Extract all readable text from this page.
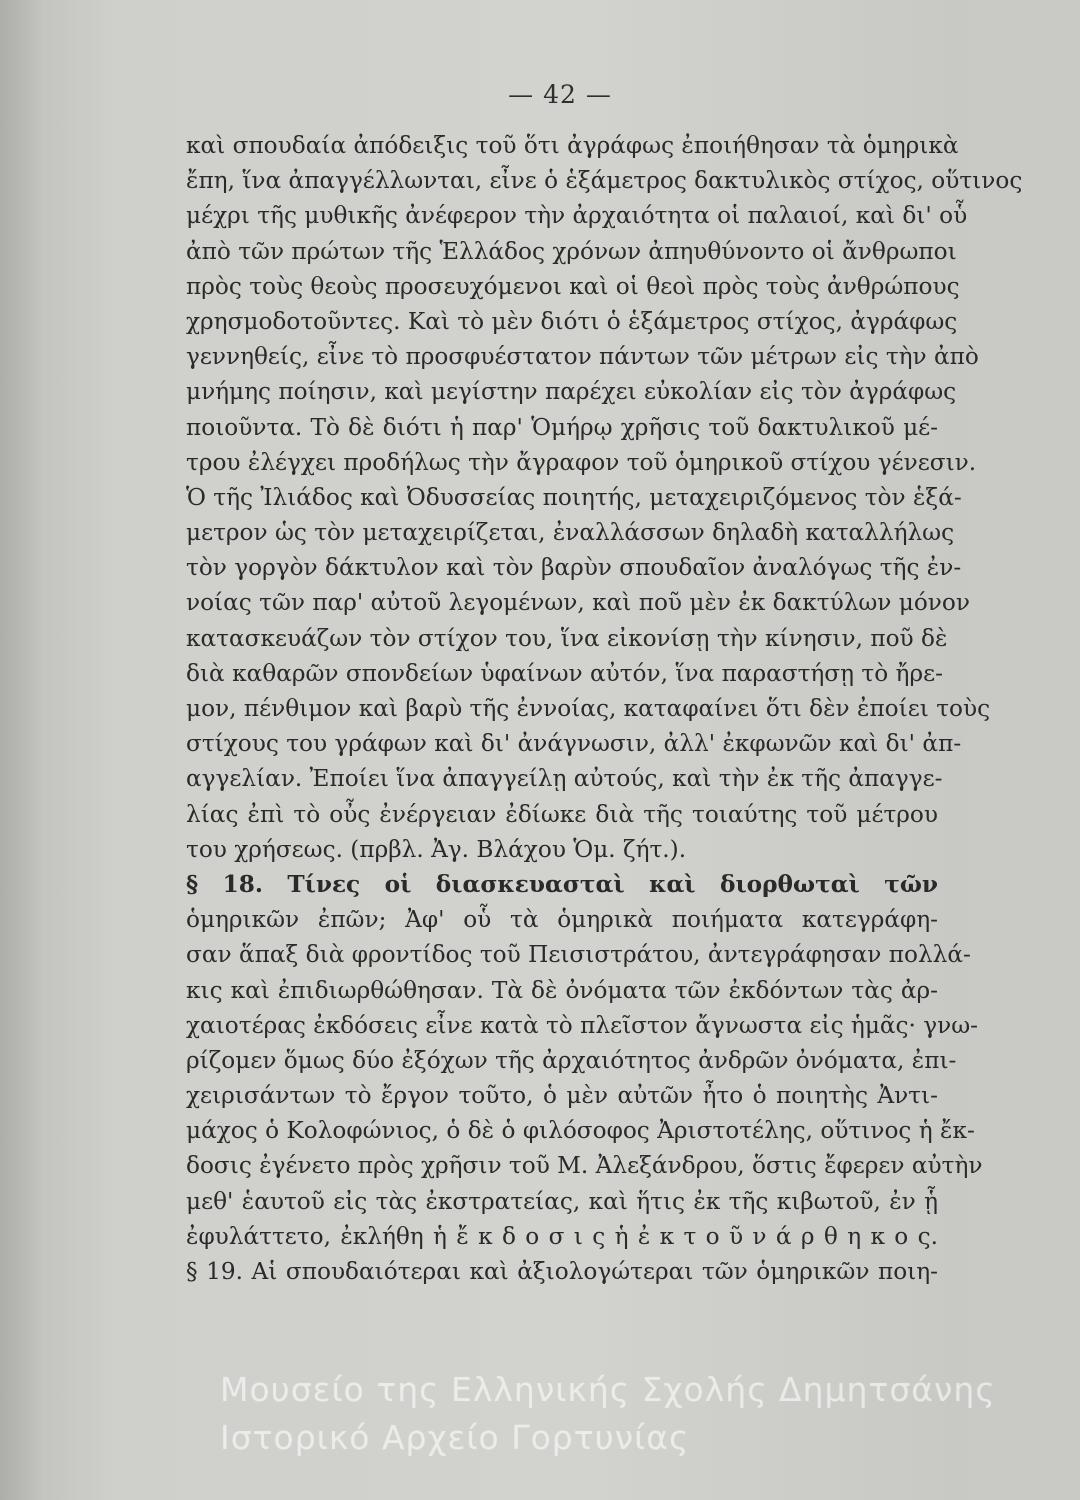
— 42 —
καὶ σπουδαία ἀπόδειξις τοῦ ὅτι ἀγράφως ἐποιήθησαν τὰ ὁμηρικὰ
ἔπη, ἵνα ἀπαγγέλλωνται, εἶνε ὁ ἑξάμετρος δακτυλικὸς στίχος, οὕτινος
μέχρι τῆς μυθικῆς ἀνέφερον τὴν ἀρχαιότητα οἱ παλαιοί, καὶ δι' οὗ
ἀπὸ τῶν πρώτων τῆς Ἑλλάδος χρόνων ἀπηυθύνοντο οἱ ἄνθρωποι
πρὸς τοὺς θεοὺς προσευχόμενοι καὶ οἱ θεοὶ πρὸς τοὺς ἀνθρώπους
χρησμοδοτοῦντες. Καὶ τὸ μὲν διότι ὁ ἑξάμετρος στίχος, ἀγράφως
γεννηθείς, εἶνε τὸ προσφυέστατον πάντων τῶν μέτρων εἰς τὴν ἀπὸ
μνήμης ποίησιν, καὶ μεγίστην παρέχει εὐκολίαν εἰς τὸν ἀγράφως
ποιοῦντα. Τὸ δὲ διότι ἡ παρ' Ὁμήρῳ χρῆσις τοῦ δακτυλικοῦ μέ-
τρου ἐλέγχει προδήλως τὴν ἄγραφον τοῦ ὁμηρικοῦ στίχου γένεσιν.
Ὁ τῆς Ἰλιάδος καὶ Ὀδυσσείας ποιητής, μεταχειριζόμενος τὸν ἑξά-
μετρον ὡς τὸν μεταχειρίζεται, ἐναλλάσσων δηλαδὴ καταλλήλως
τὸν γοργὸν δάκτυλον καὶ τὸν βαρὺν σπουδαῖον ἀναλόγως τῆς ἐν-
νοίας τῶν παρ' αὐτοῦ λεγομένων, καὶ ποῦ μὲν ἐκ δακτύλων μόνον
κατασκευάζων τὸν στίχον του, ἵνα εἰκονίσῃ τὴν κίνησιν, ποῦ δὲ
διὰ καθαρῶν σπονδείων ὑφαίνων αὐτόν, ἵνα παραστήσῃ τὸ ἤρε-
μον, πένθιμον καὶ βαρὺ τῆς ἐννοίας, καταφαίνει ὅτι δὲν ἐποίει τοὺς
στίχους του γράφων καὶ δι' ἀνάγνωσιν, ἀλλ' ἐκφωνῶν καὶ δι' ἀπ-
αγγελίαν. Ἐποίει ἵνα ἀπαγγείλῃ αὐτούς, καὶ τὴν ἐκ τῆς ἀπαγγε-
λίας ἐπὶ τὸ οὖς ἐνέργειαν ἐδίωκε διὰ τῆς τοιαύτης τοῦ μέτρου
του χρήσεως. (πρβλ. Ἀγ. Βλάχου Ὁμ. ζήτ.).
§ 18. Τίνες οἱ διασκευασταὶ καὶ διορθωταὶ τῶν
ὁμηρικῶν ἐπῶν; Ἀφ' οὗ τὰ ὁμηρικὰ ποιήματα κατεγράφη-
σαν ἅπαξ διὰ φροντίδος τοῦ Πεισιστράτου, ἀντεγράφησαν πολλά-
κις καὶ ἐπιδιωρθώθησαν. Τὰ δὲ ὀνόματα τῶν ἐκδόντων τὰς ἀρ-
χαιοτέρας ἐκδόσεις εἶνε κατὰ τὸ πλεῖστον ἄγνωστα εἰς ἡμᾶς· γνω-
ρίζομεν ὅμως δύο ἐξόχων τῆς ἀρχαιότητος ἀνδρῶν ὀνόματα, ἐπι-
χειρισάντων τὸ ἔργον τοῦτο, ὁ μὲν αὐτῶν ἦτο ὁ ποιητὴς Ἀντι-
μάχος ὁ Κολοφώνιος, ὁ δὲ ὁ φιλόσοφος Ἀριστοτέλης, οὕτινος ἡ ἔκ-
δοσις ἐγένετο πρὸς χρῆσιν τοῦ Μ. Ἀλεξάνδρου, ὅστις ἔφερεν αὐτὴν
μεθ' ἑαυτοῦ εἰς τὰς ἐκστρατείας, καὶ ἥτις ἐκ τῆς κιβωτοῦ, ἐν ᾗ
ἐφυλάττετο, ἐκλήθη ἡ ἔ κ δ ο σ ι ς ἡ ἐ κ τ ο ῦ ν ά ρ θ η κ ο ς.
§ 19. Αἱ σπουδαιότεραι καὶ ἀξιολογώτεραι τῶν ὁμηρικῶν ποιη-
Μουσείο της Ελληνικής Σχολής Δημητσάνης
Ιστορικό Αρχείο Γορτυνίας
